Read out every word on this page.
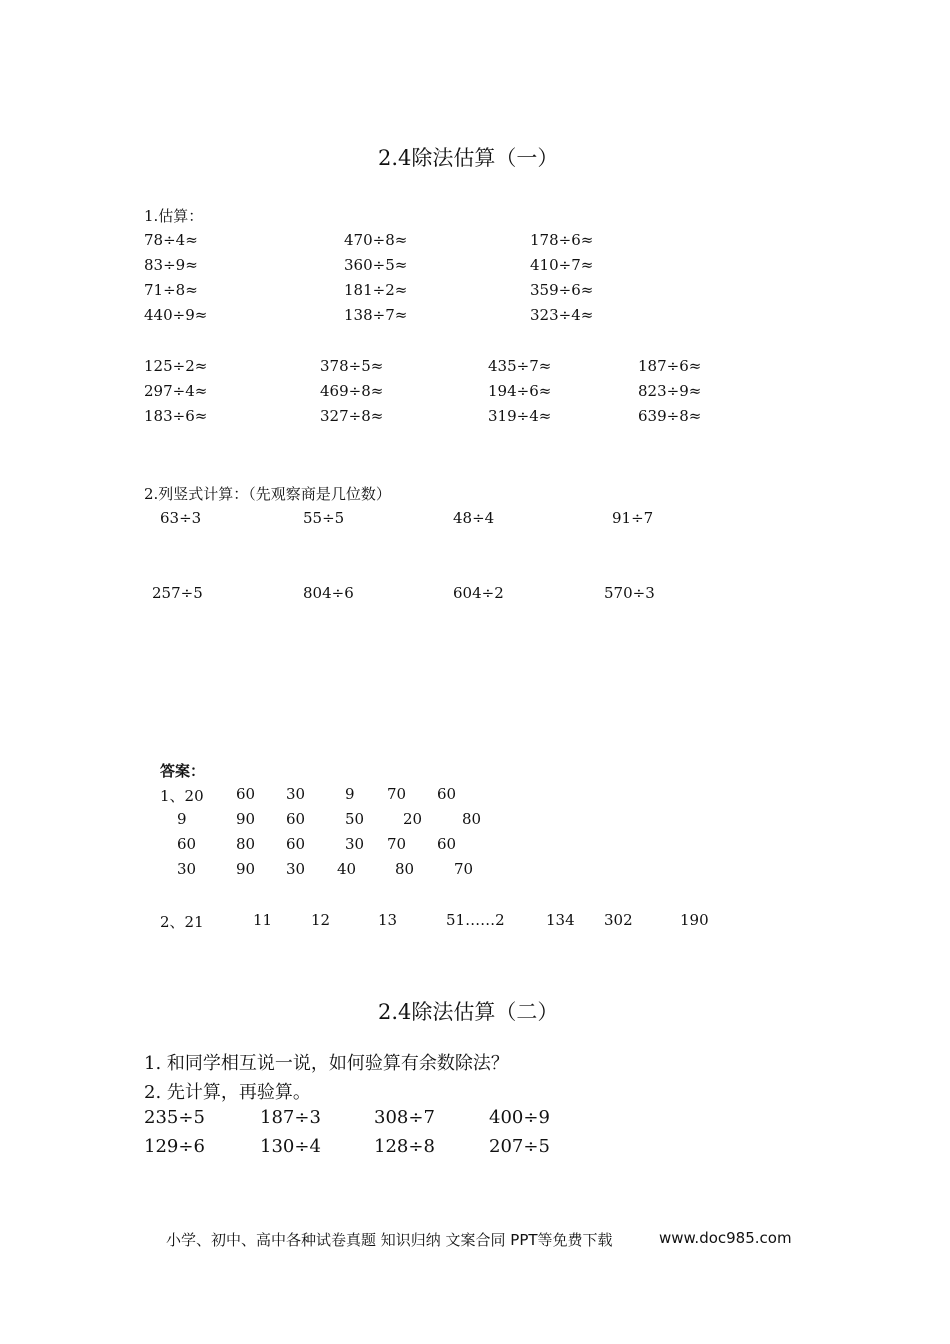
2.4除法估算（一）
1.估算：
78÷4≈	470÷8≈	178÷6≈
83÷9≈	360÷5≈	410÷7≈
71÷8≈	181÷2≈	359÷6≈
440÷9≈	138÷7≈	323÷4≈
125÷2≈	378÷5≈	435÷7≈	187÷6≈
297÷4≈	469÷8≈	194÷6≈	823÷9≈
183÷6≈	327÷8≈	319÷4≈	639÷8≈
2.列竖式计算：（先观察商是几位数）
63÷3	55÷5	48÷4	91÷7
257÷5	804÷6	604÷2	570÷3
答案：
1、20 60 30	9 70 60
9	90 60	50	20	80
60	80 60	30 70 60
30	90 30 40	80	70
2、21	11	12	13	51……2	134 302	190
2.4除法估算（二）
1. 和同学相互说一说，如何验算有余数除法？
2. 先计算，再验算。
235÷5	187÷3	308÷7	400÷9
129÷6	130÷4	128÷8	207÷5
小学、初中、高中各种试卷真题 知识归纳 文案合同 PPT等免费下载	www.doc985.com
